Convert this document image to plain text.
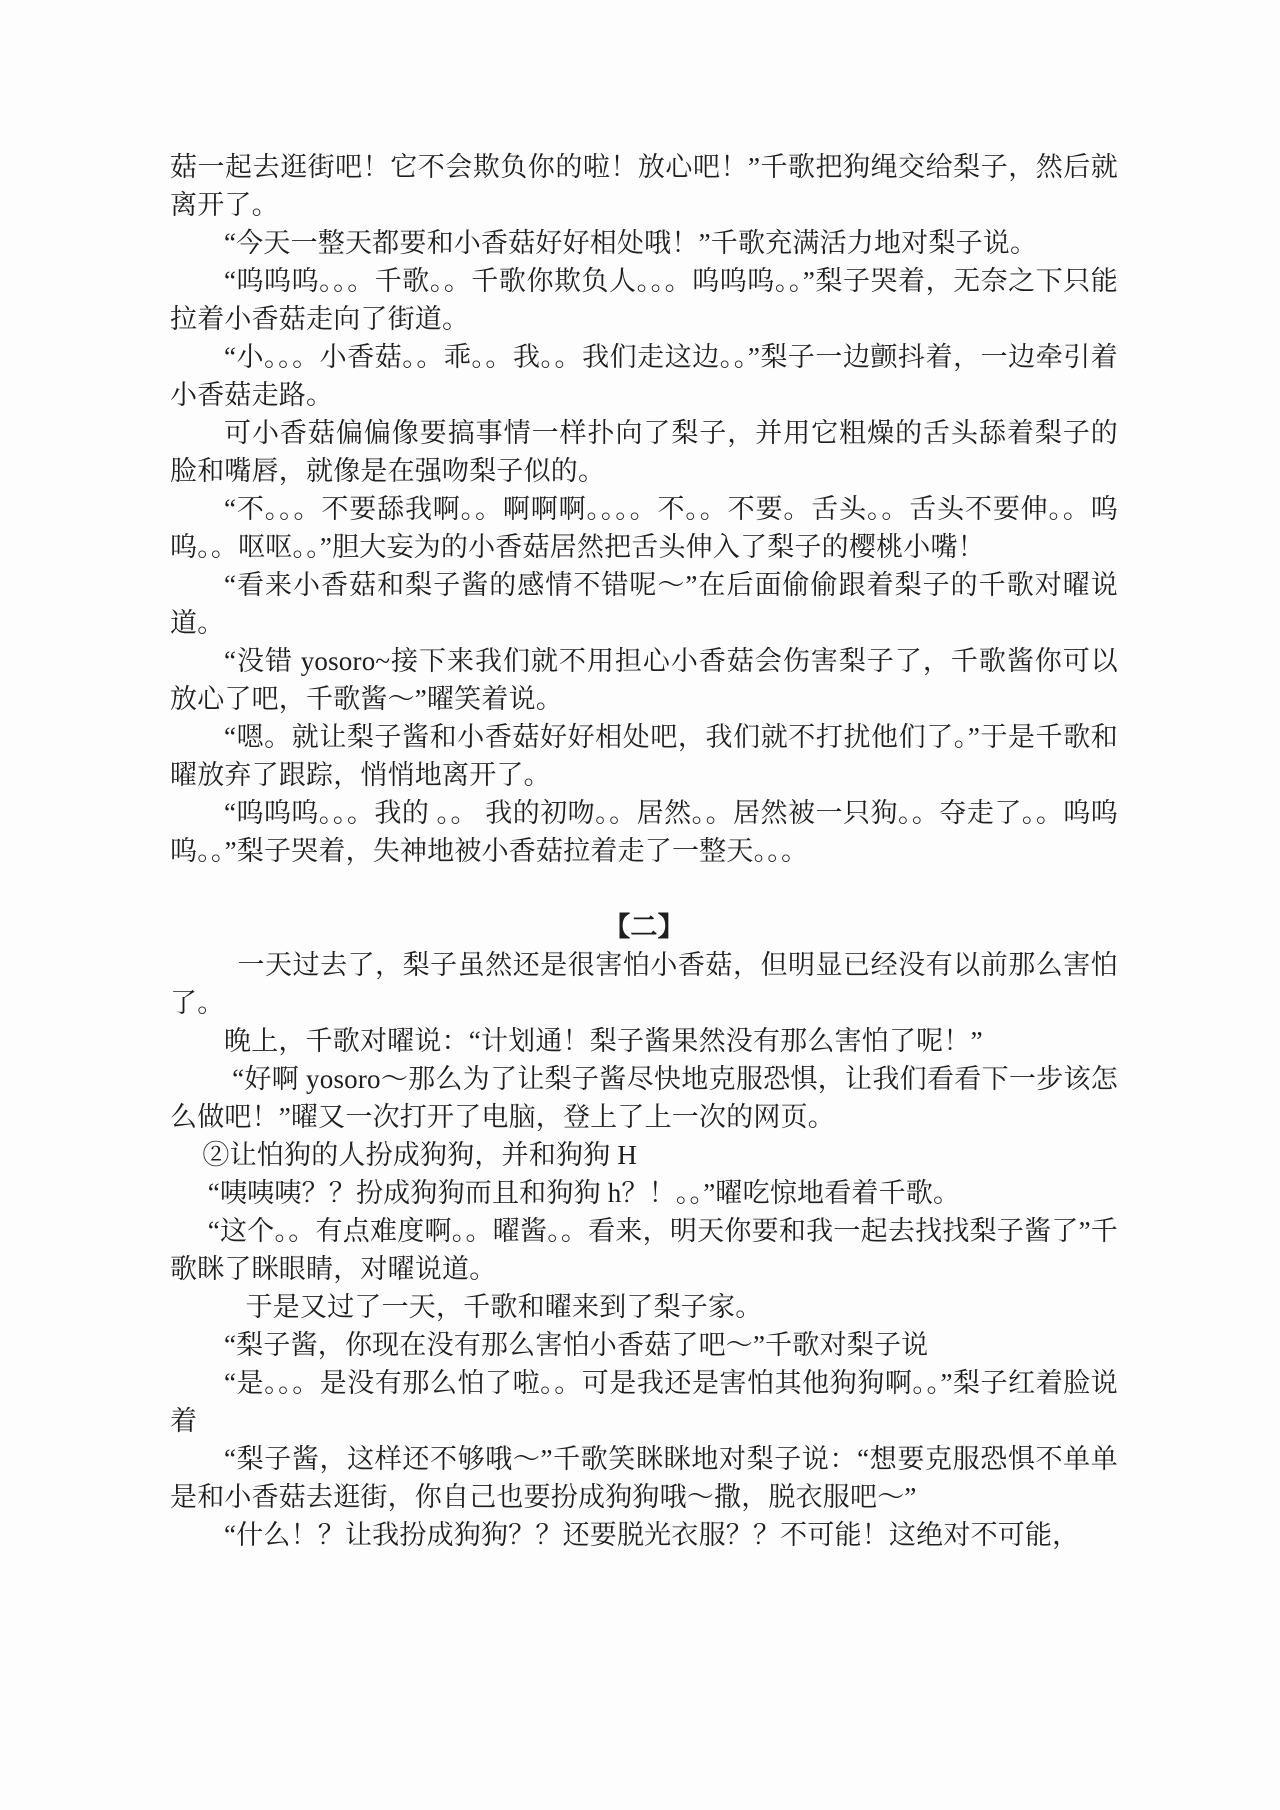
菇一起去逛街吧！它不会欺负你的啦！放心吧！”千歌把狗绳交给梨子，然后就离开了。

“今天一整天都要和小香菇好好相处哦！”千歌充满活力地对梨子说。

“呜呜呜。。。千歌。。千歌你欺负人。。。呜呜呜。。”梨子哭着，无奈之下只能拉着小香菇走向了街道。

“小。。。小香菇。。乖。。我。。我们走这边。。”梨子一边颤抖着，一边牵引着小香菇走路。

可小香菇偏偏像要搞事情一样扑向了梨子，并用它粗燥的舌头舔着梨子的脸和嘴唇，就像是在强吻梨子似的。

“不。。。不要舔我啊。。啊啊啊。。。。不。。不要。舌头。。舌头不要伸。。呜呜。。呕呕。。”胆大妄为的小香菇居然把舌头伸入了梨子的樱桃小嘴！

“看来小香菇和梨子酱的感情不错呢～”在后面偷偷跟着梨子的千歌对曜说道。

“没错 yosoro~接下来我们就不用担心小香菇会伤害梨子了，千歌酱你可以放心了吧，千歌酱～”曜笑着说。

“嗯。就让梨子酱和小香菇好好相处吧，我们就不打扰他们了。”于是千歌和曜放弃了跟踪，悄悄地离开了。

“呜呜呜。。。我的 。。 我的初吻。。居然。。居然被一只狗。。夺走了。。呜呜呜。。”梨子哭着，失神地被小香菇拉着走了一整天。。。

【二】

一天过去了，梨子虽然还是很害怕小香菇，但明显已经没有以前那么害怕了。

晚上，千歌对曜说：“计划通！梨子酱果然没有那么害怕了呢！”

“好啊 yosoro～那么为了让梨子酱尽快地克服恐惧，让我们看看下一步该怎么做吧！”曜又一次打开了电脑，登上了上一次的网页。

②让怕狗的人扮成狗狗，并和狗狗 H

“咦咦咦？？扮成狗狗而且和狗狗 h？！。。”曜吃惊地看着千歌。

“这个。。有点难度啊。。曜酱。。看来，明天你要和我一起去找找梨子酱了”千歌眯了眯眼睛，对曜说道。

于是又过了一天，千歌和曜来到了梨子家。

“梨子酱，你现在没有那么害怕小香菇了吧～”千歌对梨子说

“是。。。是没有那么怕了啦。。可是我还是害怕其他狗狗啊。。”梨子红着脸说着

“梨子酱，这样还不够哦～”千歌笑眯眯地对梨子说：“想要克服恐惧不单单是和小香菇去逛街，你自己也要扮成狗狗哦～撒，脱衣服吧～”

“什么！？让我扮成狗狗？？还要脱光衣服？？不可能！这绝对不可能，
